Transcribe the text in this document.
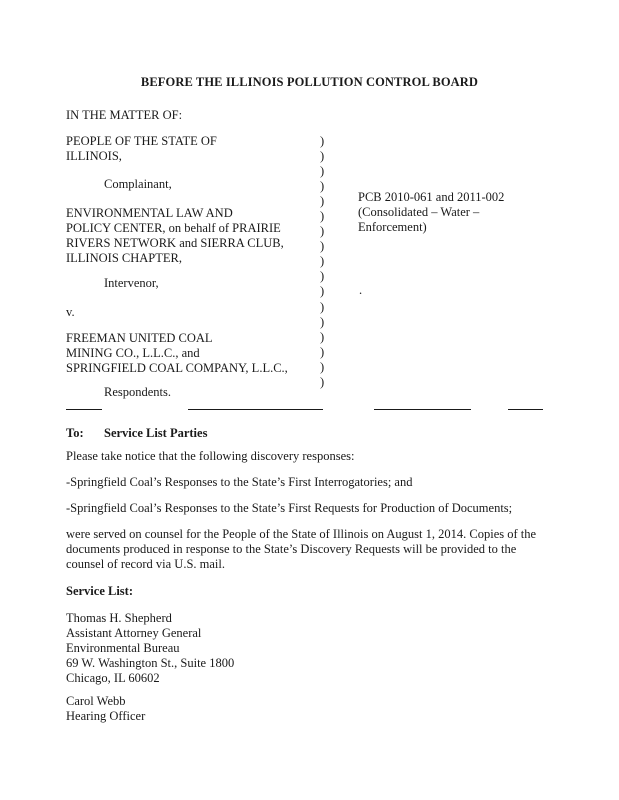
BEFORE THE ILLINOIS POLLUTION CONTROL BOARD
IN THE MATTER OF:
PEOPLE OF THE STATE OF
ILLINOIS,
Complainant,
ENVIRONMENTAL LAW AND
POLICY CENTER, on behalf of PRAIRIE
RIVERS NETWORK and SIERRA CLUB,
ILLINOIS CHAPTER,
Intervenor,
v.
FREEMAN UNITED COAL
MINING CO., L.L.C., and
SPRINGFIELD COAL COMPANY, L.L.C.,
Respondents.
)
)
)
)
)
)
)
)
)
)
)
)
)
)
)
)
)
PCB 2010-061 and 2011-002
(Consolidated – Water –
Enforcement)
.
To: Service List Parties
Please take notice that the following discovery responses:
-Springfield Coal’s Responses to the State’s First Interrogatories; and
-Springfield Coal’s Responses to the State’s First Requests for Production of Documents;
were served on counsel for the People of the State of Illinois on August 1, 2014. Copies of the
documents produced in response to the State’s Discovery Requests will be provided to the
counsel of record via U.S. mail.
Service List:
Thomas H. Shepherd
Assistant Attorney General
Environmental Bureau
69 W. Washington St., Suite 1800
Chicago, IL 60602
Carol Webb
Hearing Officer
